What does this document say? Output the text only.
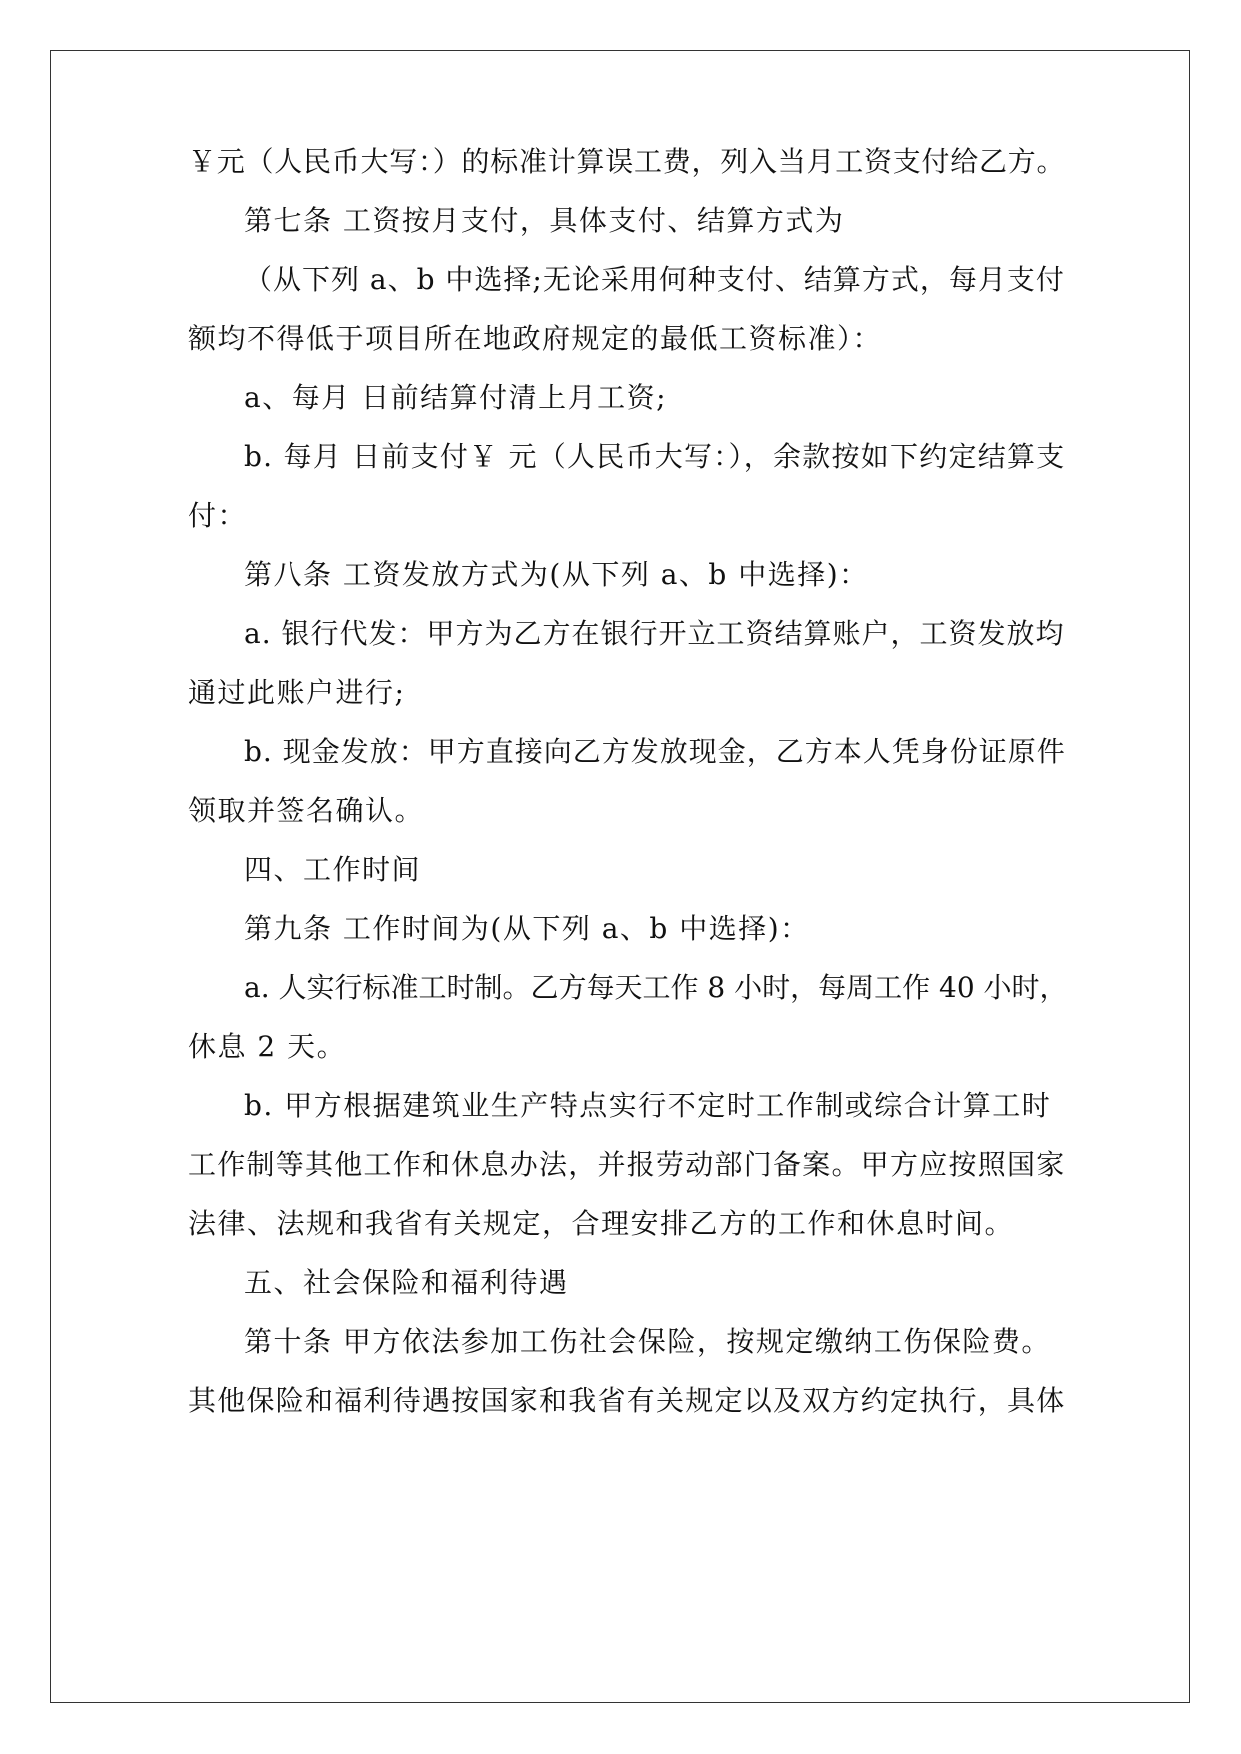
￥元（人民币大写：）的标准计算误工费，列入当月工资支付给乙方。
第七条 工资按月支付，具体支付、结算方式为
（从下列 a、b 中选择;无论采用何种支付、结算方式，每月支付
额均不得低于项目所在地政府规定的最低工资标准）：
a、每月 日前结算付清上月工资;
b. 每月 日前支付￥ 元（人民币大写：），余款按如下约定结算支
付：
第八条 工资发放方式为(从下列 a、b 中选择)：
a. 银行代发：甲方为乙方在银行开立工资结算账户，工资发放均
通过此账户进行;
b. 现金发放：甲方直接向乙方发放现金，乙方本人凭身份证原件
领取并签名确认。
四、工作时间
第九条 工作时间为(从下列 a、b 中选择)：
a. 人实行标准工时制。乙方每天工作 8 小时，每周工作 40 小时，
休息 2 天。
b. 甲方根据建筑业生产特点实行不定时工作制或综合计算工时
工作制等其他工作和休息办法，并报劳动部门备案。甲方应按照国家
法律、法规和我省有关规定，合理安排乙方的工作和休息时间。
五、社会保险和福利待遇
第十条 甲方依法参加工伤社会保险，按规定缴纳工伤保险费。
其他保险和福利待遇按国家和我省有关规定以及双方约定执行，具体
